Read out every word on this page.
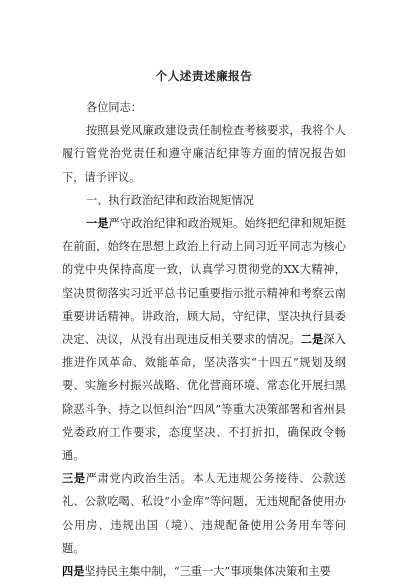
个人述责述廉报告

各位同志：

按照县党风廉政建设责任制检查考核要求，我将个人履行管党治党责任和遵守廉洁纪律等方面的情况报告如下，请予评议。

一、执行政治纪律和政治规矩情况

一是严守政治纪律和政治规矩。始终把纪律和规矩挺在前面，始终在思想上政治上行动上同习近平同志为核心的党中央保持高度一致，认真学习贯彻党的XX大精神，坚决贯彻落实习近平总书记重要指示批示精神和考察云南重要讲话精神。讲政治，顾大局，守纪律，坚决执行县委决定、决议，从没有出现违反相关要求的情况。二是深入推进作风革命、效能革命，坚决落实“十四五”规划及纲要、实施乡村振兴战略、优化营商环境、常态化开展扫黑除恶斗争、持之以恒纠治“四风”等重大决策部署和省州县党委政府工作要求，态度坚决、不打折扣，确保政令畅通。

三是严肃党内政治生活。本人无违规公务接待、公款送礼、公款吃喝、私设“小金库”等问题，无违规配备使用办公用房、违规出国（境）、违规配备使用公务用车等问题。

四是坚持民主集中制，“三重一大”事项集体决策和主要
